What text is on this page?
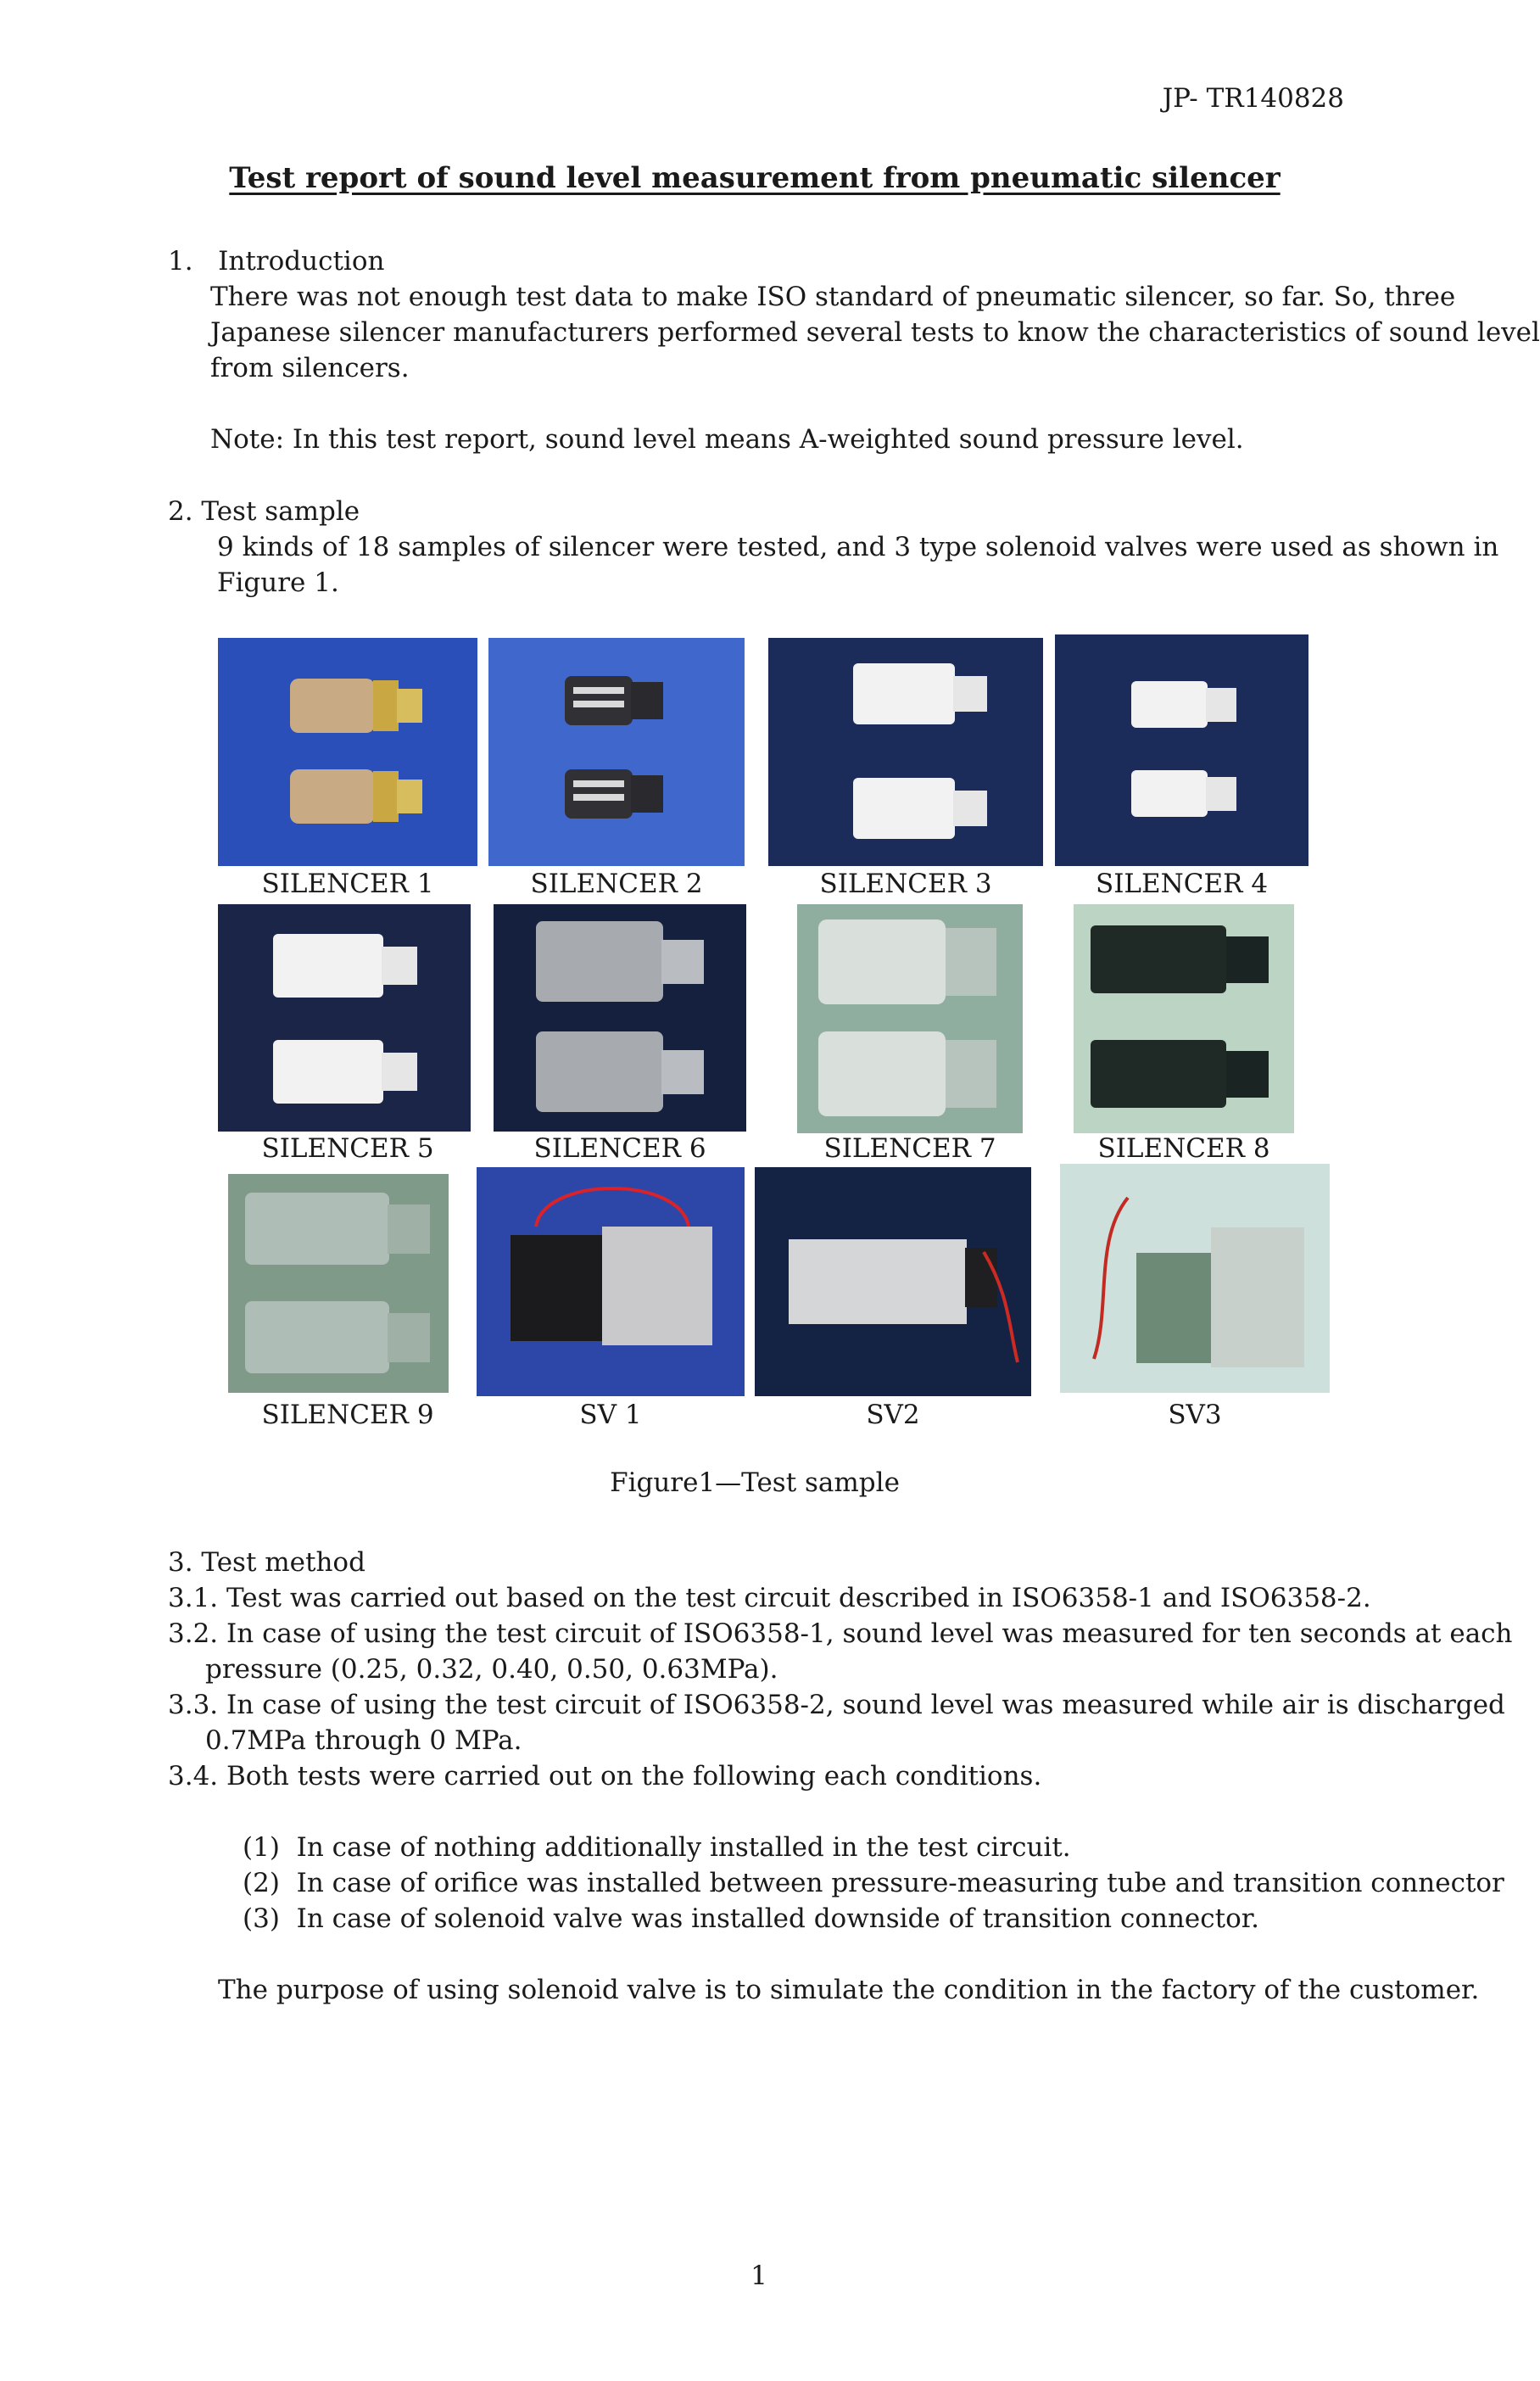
JP- TR140828
Test report of sound level measurement from pneumatic silencer
1.   Introduction
There was not enough test data to make ISO standard of pneumatic silencer, so far. So, three
Japanese silencer manufacturers performed several tests to know the characteristics of sound level
from silencers.
Note: In this test report, sound level means A-weighted sound pressure level.
2. Test sample
9 kinds of 18 samples of silencer were tested, and 3 type solenoid valves were used as shown in
Figure 1.
SILENCER 1	SILENCER 2	SILENCER 3	SILENCER 4
SILENCER 5	SILENCER 6	SILENCER 7	SILENCER 8
SILENCER 9	SV 1	SV2	SV3
Figure1—Test sample
3. Test method
3.1. Test was carried out based on the test circuit described in ISO6358-1 and ISO6358-2.
3.2. In case of using the test circuit of ISO6358-1, sound level was measured for ten seconds at each
pressure (0.25, 0.32, 0.40, 0.50, 0.63MPa).
3.3. In case of using the test circuit of ISO6358-2, sound level was measured while air is discharged
0.7MPa through 0 MPa.
3.4. Both tests were carried out on the following each conditions.
(1)  In case of nothing additionally installed in the test circuit.
(2)  In case of orifice was installed between pressure-measuring tube and transition connector
(3)  In case of solenoid valve was installed downside of transition connector.
The purpose of using solenoid valve is to simulate the condition in the factory of the customer.
1
